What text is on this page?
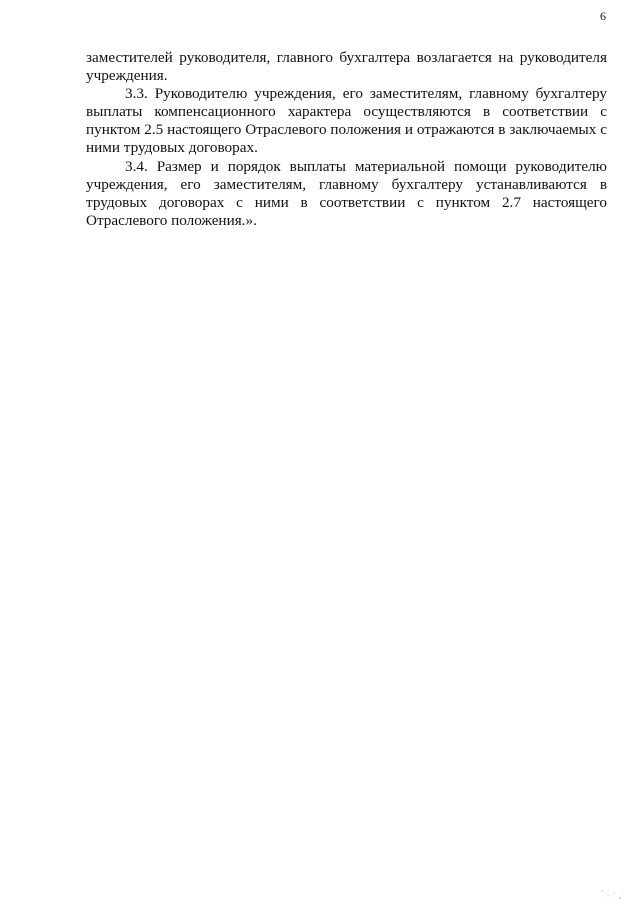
6

заместителей руководителя, главного бухгалтера возлагается на руководителя учреждения.

3.3. Руководителю учреждения, его заместителям, главному бухгалтеру выплаты компенсационного характера осуществляются в соответствии с пунктом 2.5 настоящего Отраслевого положения и отражаются в заключаемых с ними трудовых договорах.

3.4. Размер и порядок выплаты материальной помощи руководителю учреждения, его заместителям, главному бухгалтеру устанавливаются в трудовых договорах с ними в соответствии с пунктом 2.7 настоящего Отраслевого положения.».
